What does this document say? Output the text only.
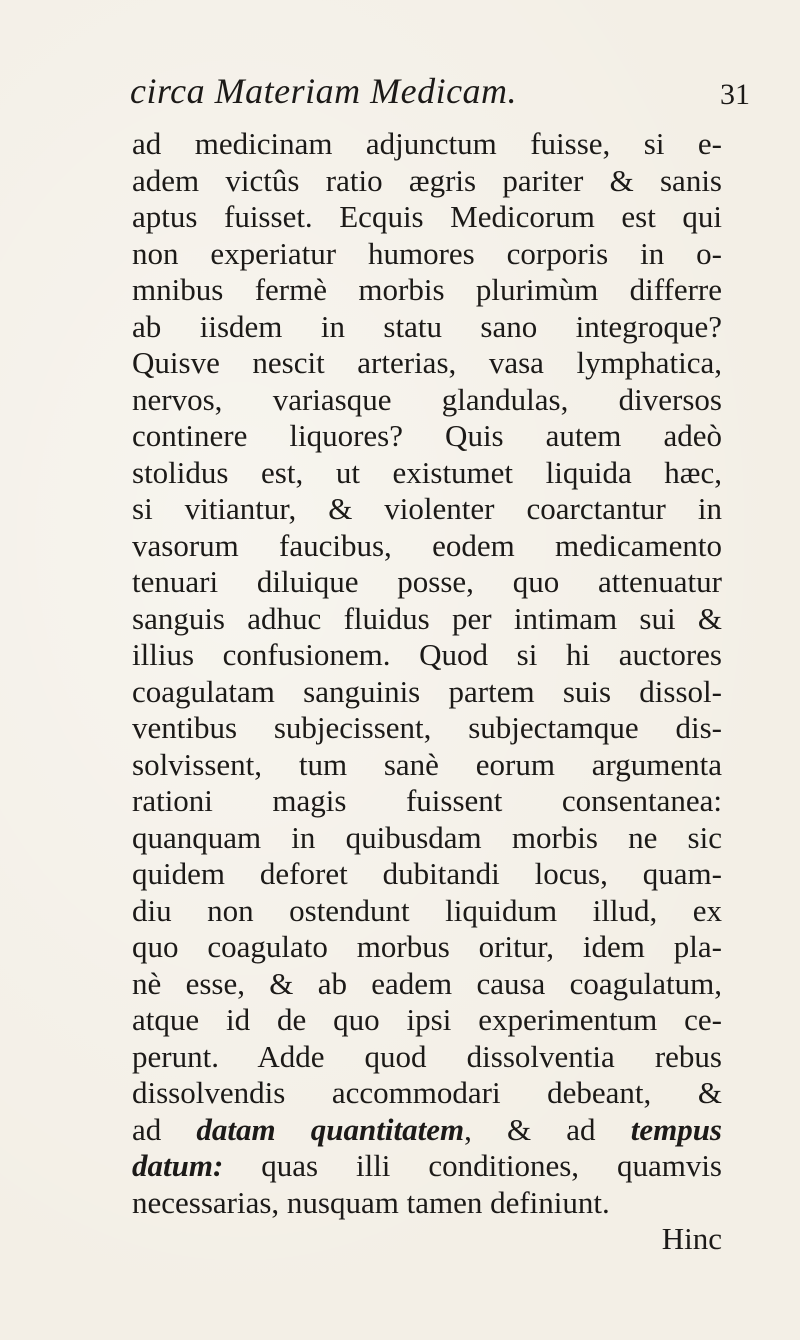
circa Materiam Medicam.	31
ad medicinam adjunctum fuisse, si e-
adem victûs ratio ægris pariter & sanis
aptus fuisset. Ecquis Medicorum est qui
non experiatur humores corporis in o-
mnibus fermè morbis plurimùm differre
ab iisdem in statu sano integroque?
Quisve nescit arterias, vasa lymphatica,
nervos, variasque glandulas, diversos
continere liquores? Quis autem adeò
stolidus est, ut existumet liquida hæc,
si vitiantur, & violenter coarctantur in
vasorum faucibus, eodem medicamento
tenuari diluique posse, quo attenuatur
sanguis adhuc fluidus per intimam sui &
illius confusionem. Quod si hi auctores
coagulatam sanguinis partem suis dissol-
ventibus subjecissent, subjectamque dis-
solvissent, tum sanè eorum argumenta
rationi magis fuissent consentanea:
quanquam in quibusdam morbis ne sic
quidem deforet dubitandi locus, quam-
diu non ostendunt liquidum illud, ex
quo coagulato morbus oritur, idem pla-
nè esse, & ab eadem causa coagulatum,
atque id de quo ipsi experimentum ce-
perunt. Adde quod dissolventia rebus
dissolvendis accommodari debeant, &
ad datam quantitatem, & ad tempus
datum: quas illi conditiones, quamvis
necessarias, nusquam tamen definiunt.
Hinc
